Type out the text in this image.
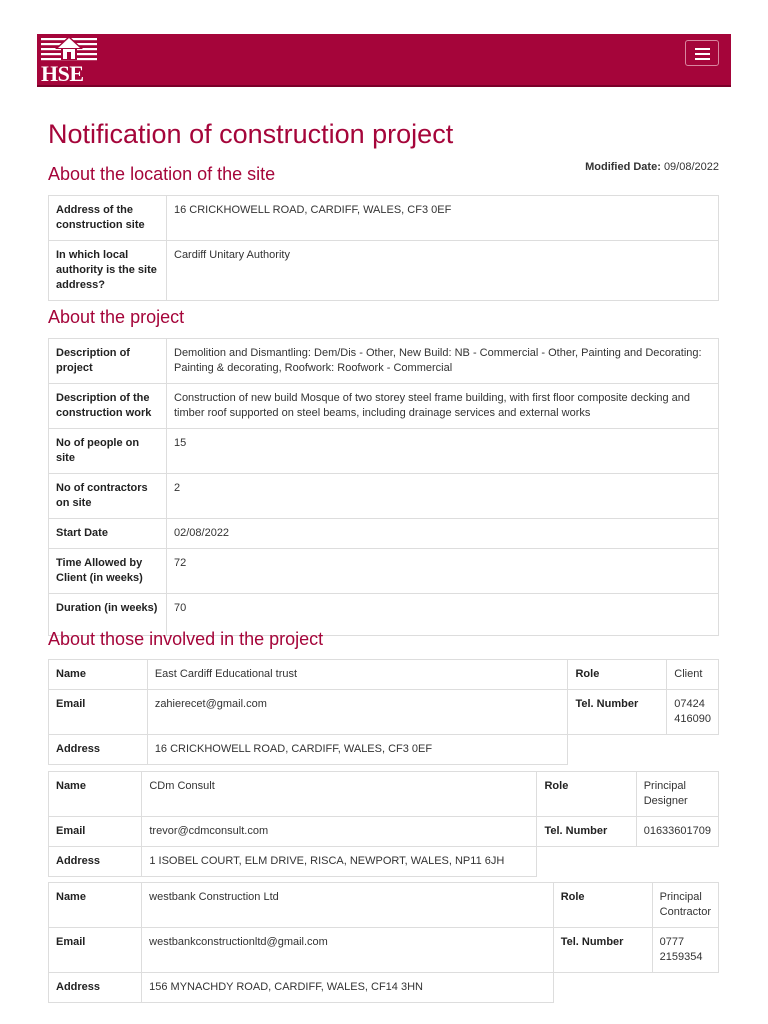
HSE
Notification of construction project
About the location of the site	Modified Date: 09/08/2022
Address of the construction site	16 CRICKHOWELL ROAD, CARDIFF, WALES, CF3 0EF
In which local authority is the site address?	Cardiff Unitary Authority
About the project
Description of project	Demolition and Dismantling: Dem/Dis - Other, New Build: NB - Commercial - Other, Painting and Decorating: Painting & decorating, Roofwork: Roofwork - Commercial
Description of the construction work	Construction of new build Mosque of two storey steel frame building, with first floor composite decking and timber roof supported on steel beams, including drainage services and external works
No of people on site	15
No of contractors on site	2
Start Date	02/08/2022
Time Allowed by Client (in weeks)	72
Duration (in weeks)	70
About those involved in the project
Name	East Cardiff Educational trust	Role	Client
Email	zahierecet@gmail.com	Tel. Number	07424 416090
Address	16 CRICKHOWELL ROAD, CARDIFF, WALES, CF3 0EF		
Name	CDm Consult	Role	Principal Designer
Email	trevor@cdmconsult.com	Tel. Number	01633601709
Address	1 ISOBEL COURT, ELM DRIVE, RISCA, NEWPORT, WALES, NP11 6JH		
Name	westbank Construction Ltd	Role	Principal Contractor
Email	westbankconstructionltd@gmail.com	Tel. Number	0777 2159354
Address	156 MYNACHDY ROAD, CARDIFF, WALES, CF14 3HN		
